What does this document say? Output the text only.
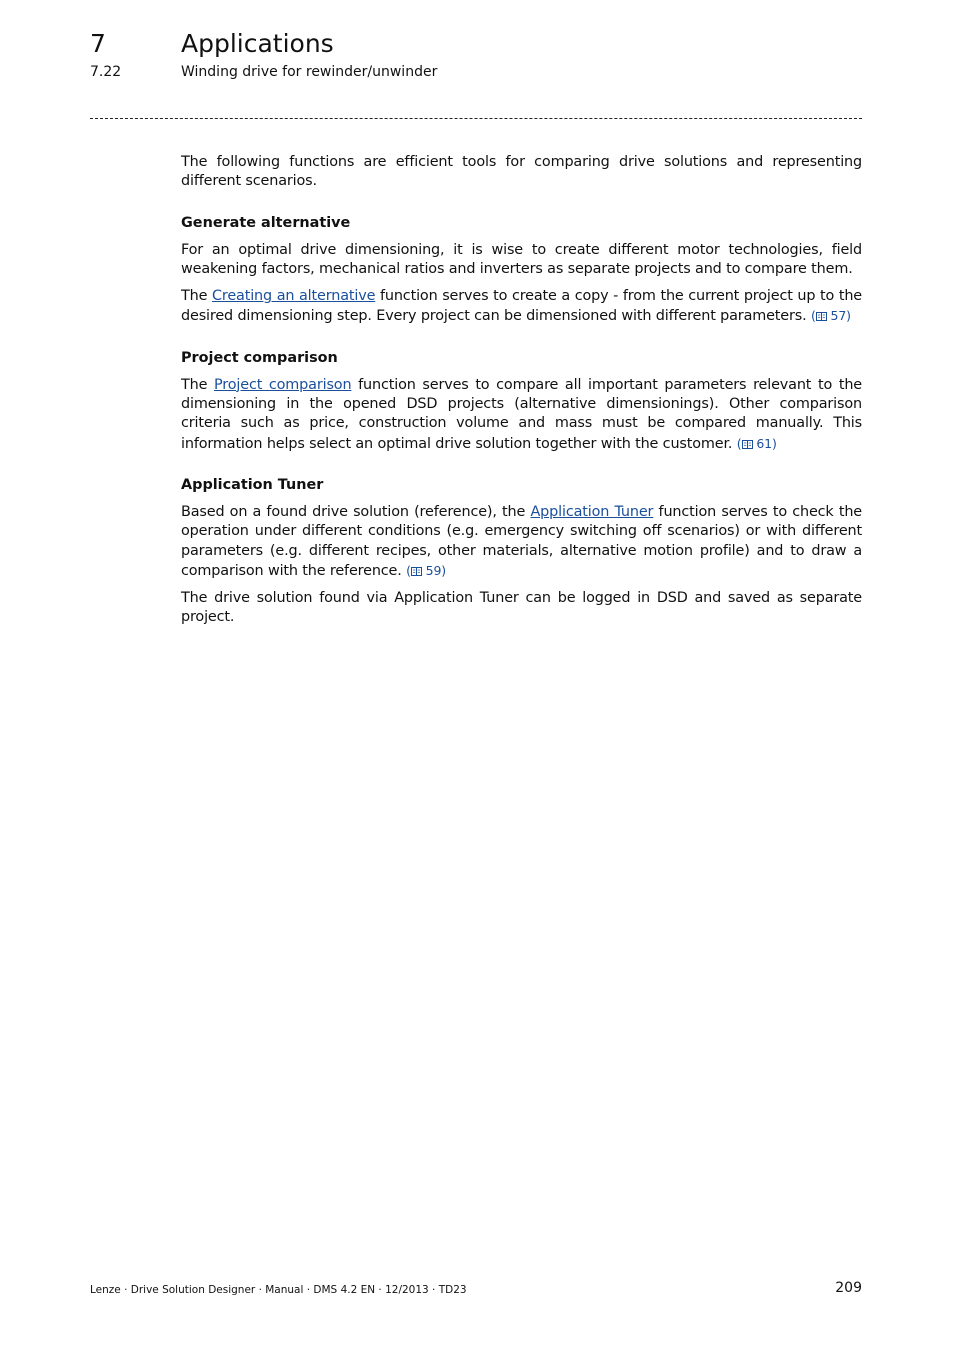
7	Applications
7.22	Winding drive for rewinder/unwinder

The following functions are efficient tools for comparing drive solutions and representing different scenarios.

Generate alternative

For an optimal drive dimensioning, it is wise to create different motor technologies, field weakening factors, mechanical ratios and inverters as separate projects and to compare them.

The Creating an alternative function serves to create a copy - from the current project up to the desired dimensioning step. Every project can be dimensioned with different parameters. ( 57)

Project comparison

The Project comparison function serves to compare all important parameters relevant to the dimensioning in the opened DSD projects (alternative dimensionings). Other comparison criteria such as price, construction volume and mass must be compared manually. This information helps select an optimal drive solution together with the customer. ( 61)

Application Tuner

Based on a found drive solution (reference), the Application Tuner function serves to check the operation under different conditions (e.g. emergency switching off scenarios) or with different parameters (e.g. different recipes, other materials, alternative motion profile) and to draw a comparison with the reference. ( 59)

The drive solution found via Application Tuner can be logged in DSD and saved as separate project.

Lenze · Drive Solution Designer · Manual · DMS 4.2 EN · 12/2013 · TD23	209
